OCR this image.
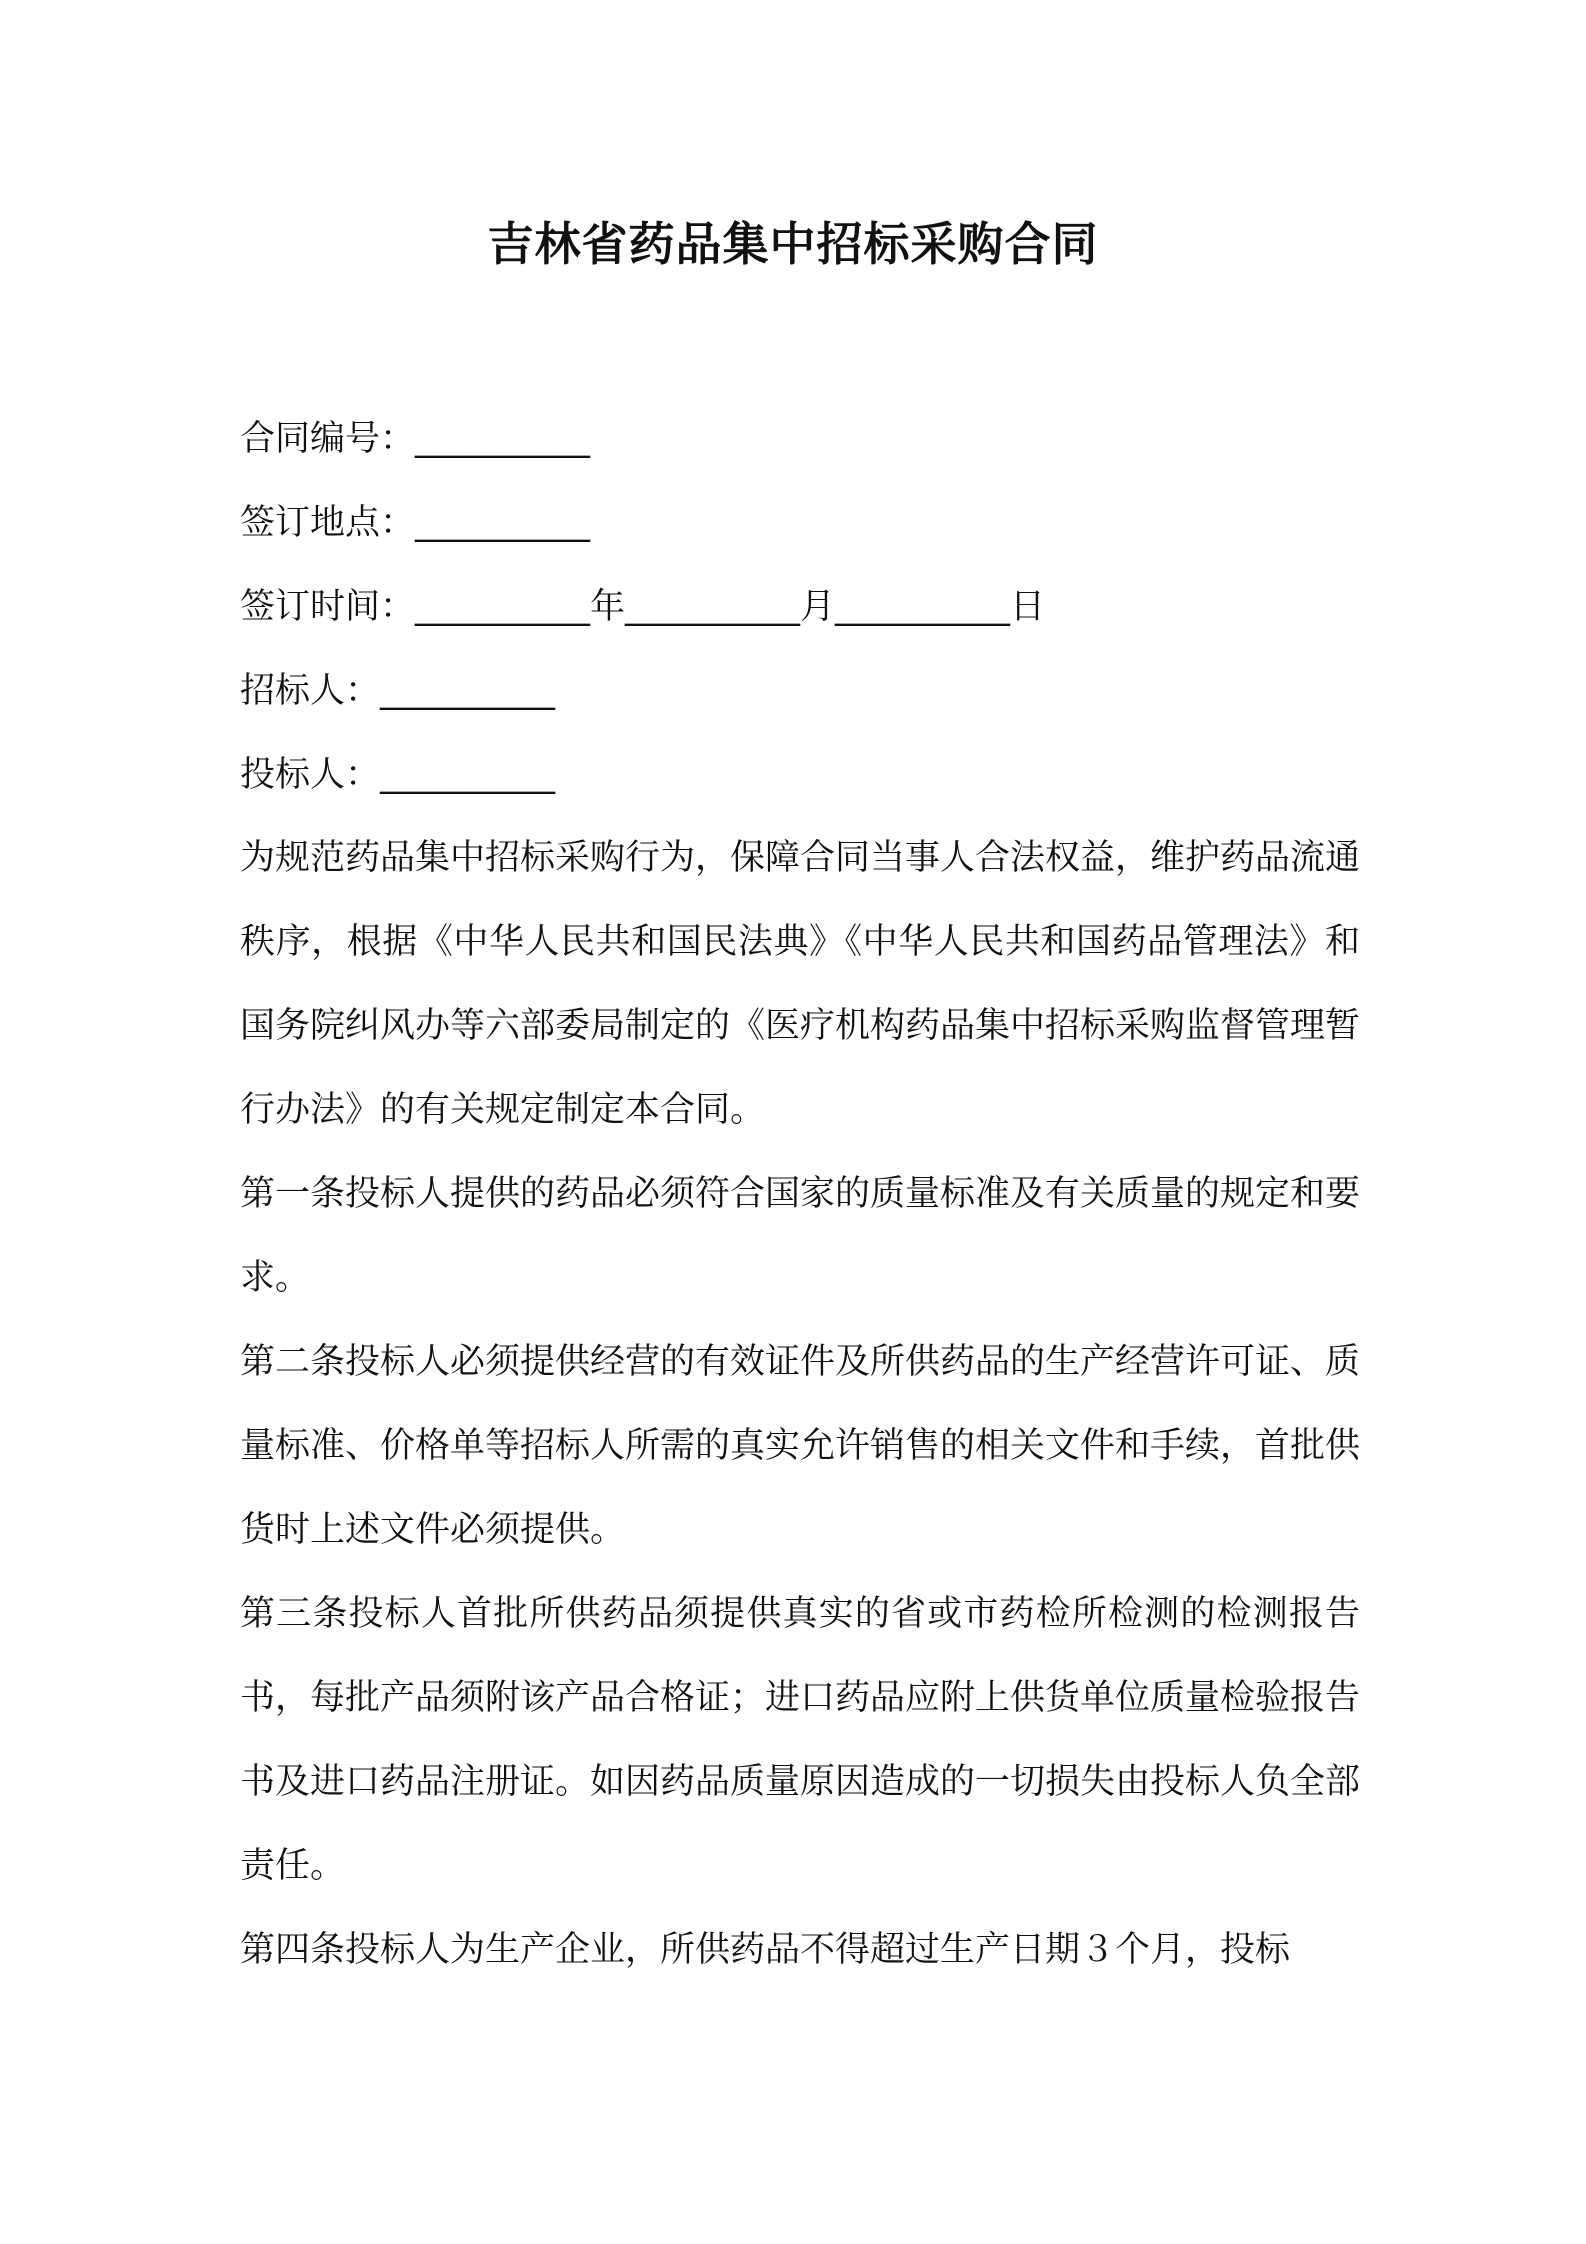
吉林省药品集中招标采购合同
合同编号：__________
签订地点：__________
签订时间：__________年__________月__________日
招标人：__________
投标人：__________

为规范药品集中招标采购行为，保障合同当事人合法权益，维护药品流通秩序，根据《中华人民共和国民法典》《中华人民共和国药品管理法》和国务院纠风办等六部委局制定的《医疗机构药品集中招标采购监督管理暂行办法》的有关规定制定本合同。

第一条投标人提供的药品必须符合国家的质量标准及有关质量的规定和要求。

第二条投标人必须提供经营的有效证件及所供药品的生产经营许可证、质量标准、价格单等招标人所需的真实允许销售的相关文件和手续，首批供货时上述文件必须提供。

第三条投标人首批所供药品须提供真实的省或市药检所检测的检测报告书，每批产品须附该产品合格证；进口药品应附上供货单位质量检验报告书及进口药品注册证。如因药品质量原因造成的一切损失由投标人负全部责任。

第四条投标人为生产企业，所供药品不得超过生产日期３个月，投标
